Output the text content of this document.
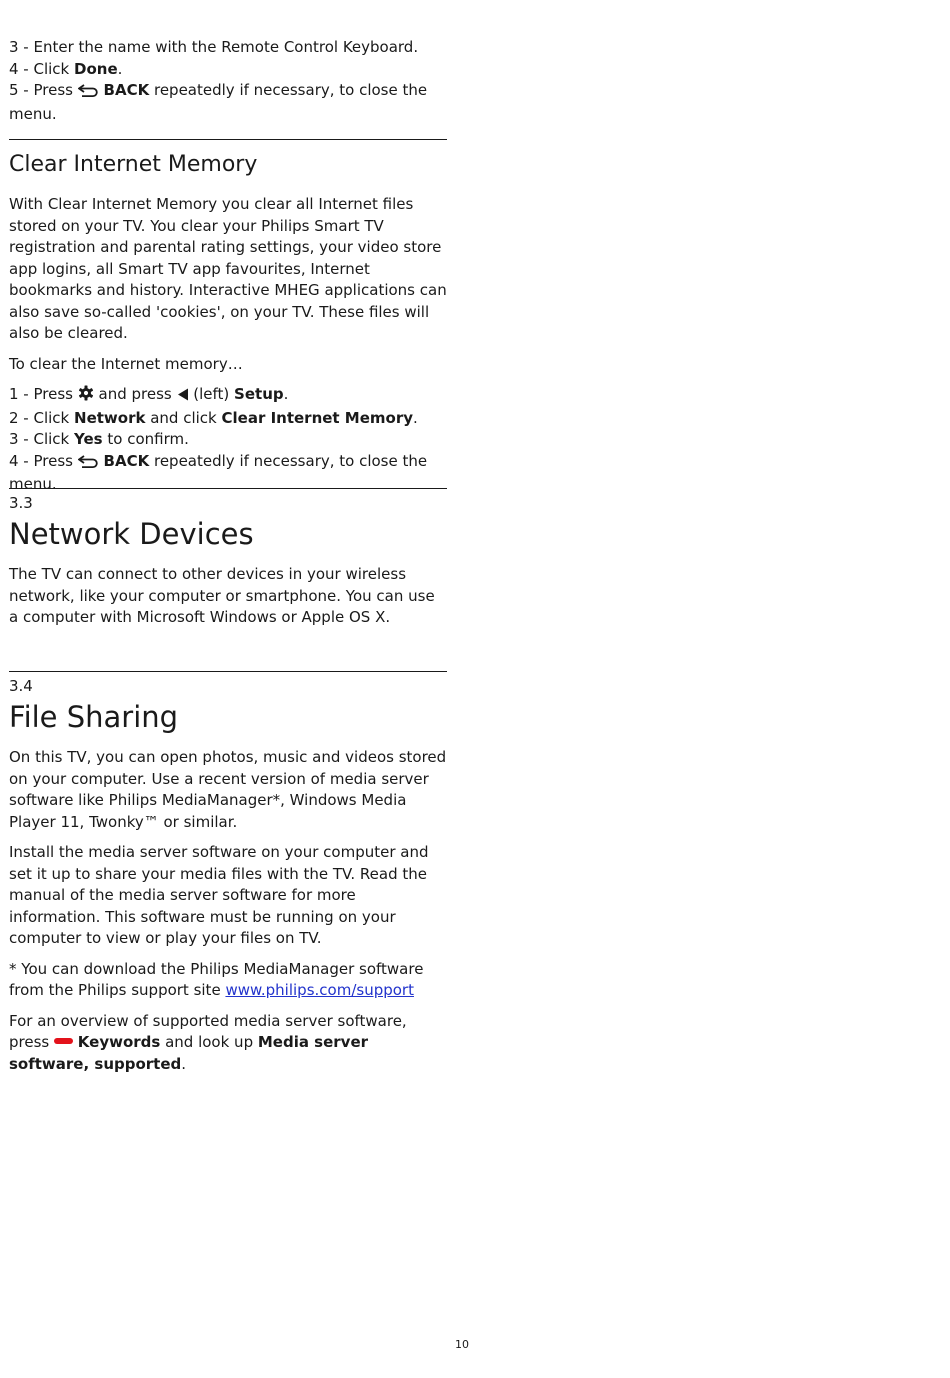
3 - Enter the name with the Remote Control Keyboard.

4 - Click Done.

5 - Press  BACK repeatedly if necessary, to close the menu.

Clear Internet Memory

With Clear Internet Memory you clear all Internet files stored on your TV. You clear your Philips Smart TV registration and parental rating settings, your video store app logins, all Smart TV app favourites, Internet bookmarks and history. Interactive MHEG applications can also save so-called 'cookies', on your TV. These files will also be cleared.

To clear the Internet memory…

1 - Press  and press  (left) Setup.

2 - Click Network and click Clear Internet Memory.

3 - Click Yes to confirm.

4 - Press  BACK repeatedly if necessary, to close the menu.

3.3

Network Devices

The TV can connect to other devices in your wireless network, like your computer or smartphone. You can use a computer with Microsoft Windows or Apple OS X.

3.4

File Sharing

On this TV, you can open photos, music and videos stored on your computer. Use a recent version of media server software like Philips MediaManager*, Windows Media Player 11, Twonky™ or similar.

Install the media server software on your computer and set it up to share your media files with the TV. Read the manual of the media server software for more information. This software must be running on your computer to view or play your files on TV.

* You can download the Philips MediaManager software from the Philips support site www.philips.com/support

For an overview of supported media server software, press  Keywords and look up Media server software, supported.

10
